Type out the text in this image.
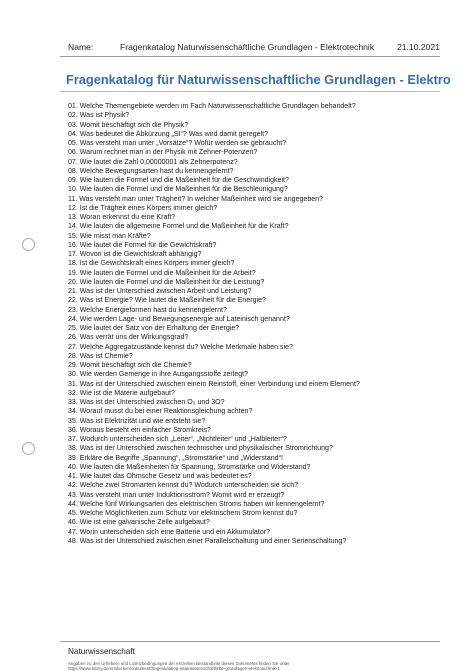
Name:	Fragenkatalog Naturwissenschaftliche Grundlagen - Elektrotechnik	21.10.2021
Fragenkatalog für Naturwissenschaftliche Grundlagen - Elektro
01. Welche Themengebiete werden im Fach Naturwissenschaftliche Grundlagen behandelt?
02. Was ist Physik?
03. Womit beschäftigt sich die Physik?
04. Was bedeutet die Abkürzung „SI“? Was wird damit geregelt?
05. Was versteht man unter „Vorsätze“? Wofür werden sie gebraucht?
06. Warum rechnet man in der Physik mit Zehner-Potenzen?
07. Wie lautet die Zahl 0,00000001 als Zehnerpotenz?
08. Welche Bewegungsarten hast du kennengelernt?
09. Wie lauten die Formel und die Maßeinheit für die Geschwindigkeit?
10. Wie lauten die Formel und die Maßeinheit für die Beschleunigung?
11. Was versteht man unter Trägheit? In welcher Maßeinheit wird sie angegeben?
12. Ist die Trägheit eines Körpers immer gleich?
13. Woran erkennst du eine Kraft?
14. Wie lauten die allgemeine Formel und die Maßeinheit für die Kraft?
15. Wie misst man Kräfte?
16. Wie lautet die Formel für die Gewichtskraft?
17. Wovon ist die Gewichtskraft abhängig?
18. Ist die Gewichtskraft eines Körpers immer gleich?
19. Wie lauten die Formel und die Maßeinheit für die Arbeit?
20. Wie lauten die Formel und die Maßeinheit für die Leistung?
21. Was ist der Unterschied zwischen Arbeit und Leistung?
22. Was ist Energie? Wie lautet die Maßeinheit für die Energie?
23. Welche Energieformen hast du kennengelernt?
24. Wie werden Lage- und Bewegungsenergie auf Lateinisch genannt?
25. Wie lautet der Satz von der Erhaltung der Energie?
26. Was verrät uns der Wirkungsgrad?
27. Welche Aggregatzustände kennst du? Welche Merkmale haben sie?
28. Was ist Chemie?
29. Womit beschäftigt sich die Chemie?
30. Wie werden Gemenge in ihre Ausgangsstoffe zerlegt?
31. Was ist der Unterschied zwischen einem Reinstoff, einer Verbindung und einem Element?
32. Wie ist die Materie aufgebaut?
33. Was ist der Unterschied zwischen O₃ und 3O?
34. Worauf musst du bei einer Reaktionsgleichung achten?
35. Was ist Elektrizität und wie entsteht sie?
36. Woraus besteht ein einfacher Stromkreis?
37. Wodurch unterscheiden sich „Leiter“, „Nichtleiter“ und „Halbleiter“?
38. Was ist der Unterschied zwischen technischer und physikalischer Stromrichtung?
39. Erkläre die Begriffe „Spannung“, „Stromstärke“ und „Widerstand“!
40. Wie lauten die Maßeinheiten für Spannung, Stromstärke und Widerstand?
41. Wie lautet das Ohmsche Gesetz und was bedeutet es?
42. Welche zwei Stromarten kennst du? Wodurch unterscheiden sie sich?
43. Was versteht man unter Induktionsstrom? Womit wird er erzeugt?
44. Welche fünf Wirkungsarten des elektrischen Stroms haben wir kennengelernt?
45. Welche Möglichkeiten zum Schutz vor elektrischem Strom kennst du?
46. Wie ist eine galvanische Zelle aufgebaut?
47. Worin unterscheiden sich eine Batterie und ein Akkumulator?
48. Was ist der Unterschied zwischen einer Parallelschaltung und einer Serienschaltung?
Naturwissenschaft
Angaben zu den Urhebern und Lizenzbedingungen der einzelnen Bestandteile dieses Dokuments finden Sie unter
https://www.tutory.de/entdecken/dokument/fragenkatalog-naturwissenschaftliche-grundlagen-elektrotechnik-1
